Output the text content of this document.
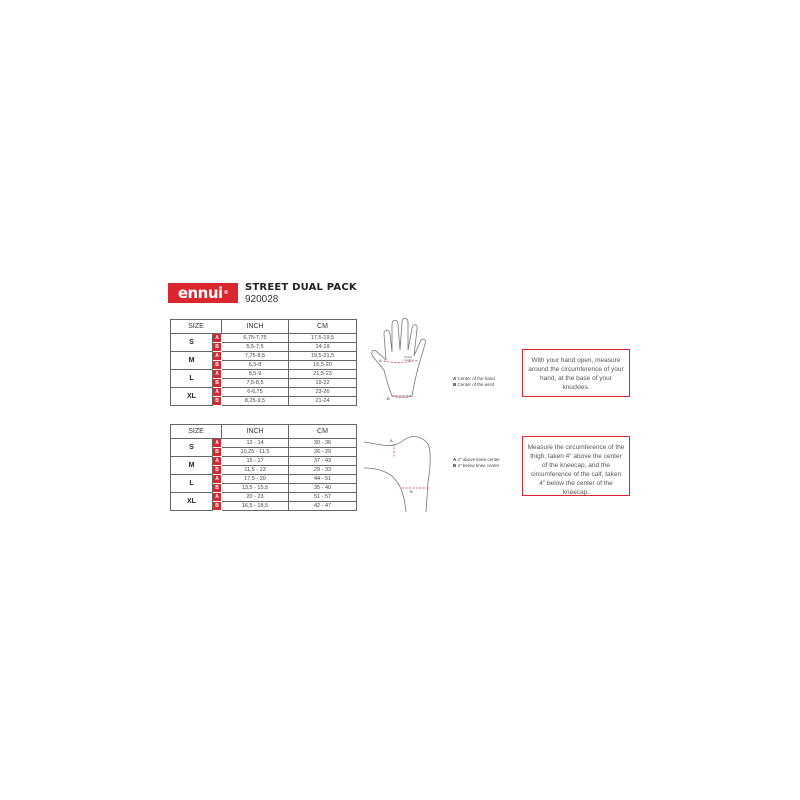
ennui®	STREET DUAL PACK
920028
SIZE		INCH	CM
S	A	6,75-7,75	17,5-19,5
	B	5,5-7,5	14-19
M	A	7,75-8,5	19,5-21,5
	B	6,5-8	16,5-20
L	A	8,5-9	21,5-23
	B	7,5-8,5	19-22
XL	A	6-6,75	23-26
	B	8,25-9,5	21-24
SIZE		INCH	CM
S	A	12 - 14	30 - 36
	B	10,25 - 11,5	26 - 29
M	A	15 - 17	37 - 43
	B	11,5 - 13	29 - 33
L	A	17,5 - 20	44 - 51
	B	13,5 - 15,5	35 - 40
XL	A	20 - 23	51 - 57
	B	16,5 - 18,5	42 - 47
A
B
Thumb
A width
A Center of the hand
B Center of the wrist
With your hand open, measure around the circumference of your hand, at the base of your knuckles.
A
B
A 4" above knee center
B 4" below knee center
Measure the circumference of the thigh, taken 4" above the center of the kneecap, and the circumference of the calf, taken 4" below the center of the kneecap.
